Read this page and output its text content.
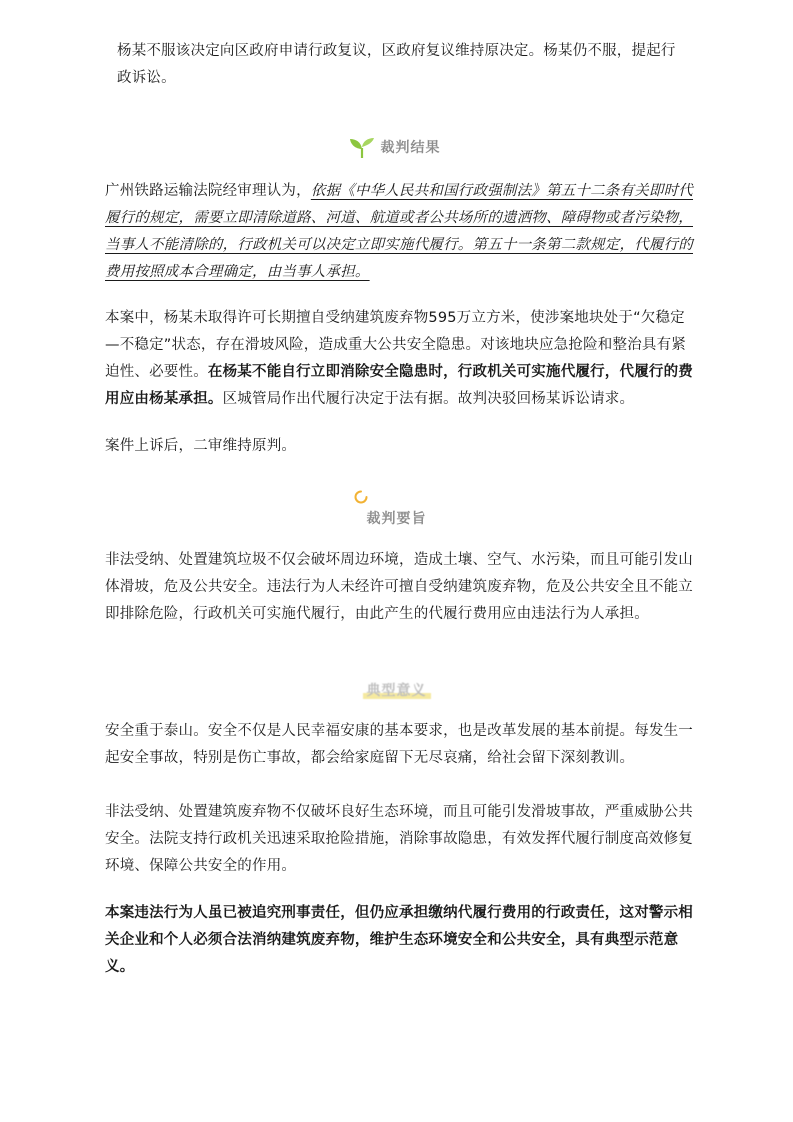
杨某不服该决定向区政府申请行政复议，区政府复议维持原决定。杨某仍不服，提起行政诉讼。

裁判结果

广州铁路运输法院经审理认为，依据《中华人民共和国行政强制法》第五十二条有关即时代履行的规定，需要立即清除道路、河道、航道或者公共场所的遗洒物、障碍物或者污染物，当事人不能清除的，行政机关可以决定立即实施代履行。第五十一条第二款规定，代履行的费用按照成本合理确定，由当事人承担。

本案中，杨某未取得许可长期擅自受纳建筑废弃物595万立方米，使涉案地块处于“欠稳定—不稳定”状态，存在滑坡风险，造成重大公共安全隐患。对该地块应急抢险和整治具有紧迫性、必要性。在杨某不能自行立即消除安全隐患时，行政机关可实施代履行，代履行的费用应由杨某承担。区城管局作出代履行决定于法有据。故判决驳回杨某诉讼请求。

案件上诉后，二审维持原判。

裁判要旨

非法受纳、处置建筑垃圾不仅会破坏周边环境，造成土壤、空气、水污染，而且可能引发山体滑坡，危及公共安全。违法行为人未经许可擅自受纳建筑废弃物，危及公共安全且不能立即排除危险，行政机关可实施代履行，由此产生的代履行费用应由违法行为人承担。

典型意义

安全重于泰山。安全不仅是人民幸福安康的基本要求，也是改革发展的基本前提。每发生一起安全事故，特别是伤亡事故，都会给家庭留下无尽哀痛，给社会留下深刻教训。

非法受纳、处置建筑废弃物不仅破坏良好生态环境，而且可能引发滑坡事故，严重威胁公共安全。法院支持行政机关迅速采取抢险措施，消除事故隐患，有效发挥代履行制度高效修复环境、保障公共安全的作用。

本案违法行为人虽已被追究刑事责任，但仍应承担缴纳代履行费用的行政责任，这对警示相关企业和个人必须合法消纳建筑废弃物，维护生态环境安全和公共安全，具有典型示范意义。
